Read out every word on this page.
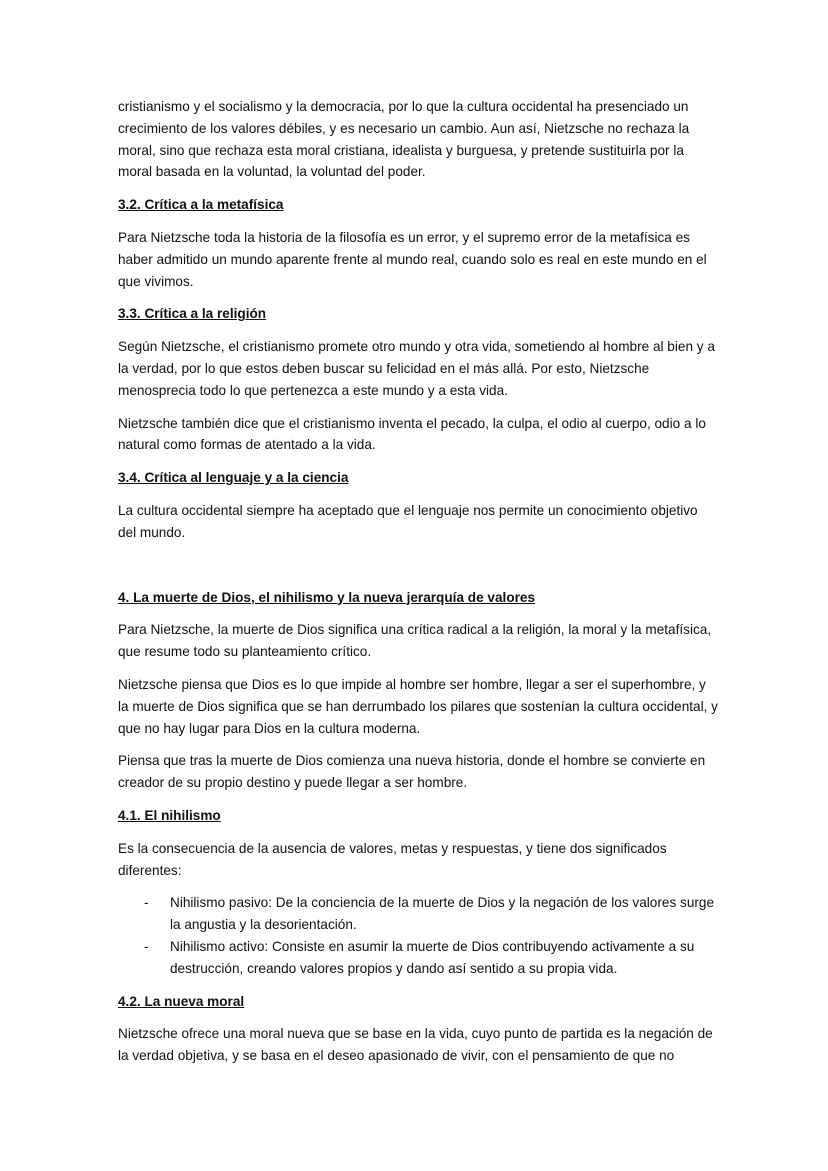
cristianismo y el socialismo y la democracia, por lo que la cultura occidental ha presenciado un crecimiento de los valores débiles, y es necesario un cambio. Aun así, Nietzsche no rechaza la moral, sino que rechaza esta moral cristiana, idealista y burguesa, y pretende sustituirla por la moral basada en la voluntad, la voluntad del poder.

3.2. Crítica a la metafísica

Para Nietzsche toda la historia de la filosofía es un error, y el supremo error de la metafísica es haber admitido un mundo aparente frente al mundo real, cuando solo es real en este mundo en el que vivimos.

3.3. Crítica a la religión

Según Nietzsche, el cristianismo promete otro mundo y otra vida, sometiendo al hombre al bien y a la verdad, por lo que estos deben buscar su felicidad en el más allá. Por esto, Nietzsche menosprecia todo lo que pertenezca a este mundo y a esta vida.

Nietzsche también dice que el cristianismo inventa el pecado, la culpa, el odio al cuerpo, odio a lo natural como formas de atentado a la vida.

3.4. Crítica al lenguaje y a la ciencia

La cultura occidental siempre ha aceptado que el lenguaje nos permite un conocimiento objetivo del mundo.

4. La muerte de Dios, el nihilismo y la nueva jerarquía de valores

Para Nietzsche, la muerte de Dios significa una crítica radical a la religión, la moral y la metafísica, que resume todo su planteamiento crítico.

Nietzsche piensa que Dios es lo que impide al hombre ser hombre, llegar a ser el superhombre, y la muerte de Dios significa que se han derrumbado los pilares que sostenían la cultura occidental, y que no hay lugar para Dios en la cultura moderna.

Piensa que tras la muerte de Dios comienza una nueva historia, donde el hombre se convierte en creador de su propio destino y puede llegar a ser hombre.

4.1. El nihilismo

Es la consecuencia de la ausencia de valores, metas y respuestas, y tiene dos significados diferentes:

- Nihilismo pasivo: De la conciencia de la muerte de Dios y la negación de los valores surge la angustia y la desorientación.
- Nihilismo activo: Consiste en asumir la muerte de Dios contribuyendo activamente a su destrucción, creando valores propios y dando así sentido a su propia vida.
4.2. La nueva moral

Nietzsche ofrece una moral nueva que se base en la vida, cuyo punto de partida es la negación de la verdad objetiva, y se basa en el deseo apasionado de vivir, con el pensamiento de que no
